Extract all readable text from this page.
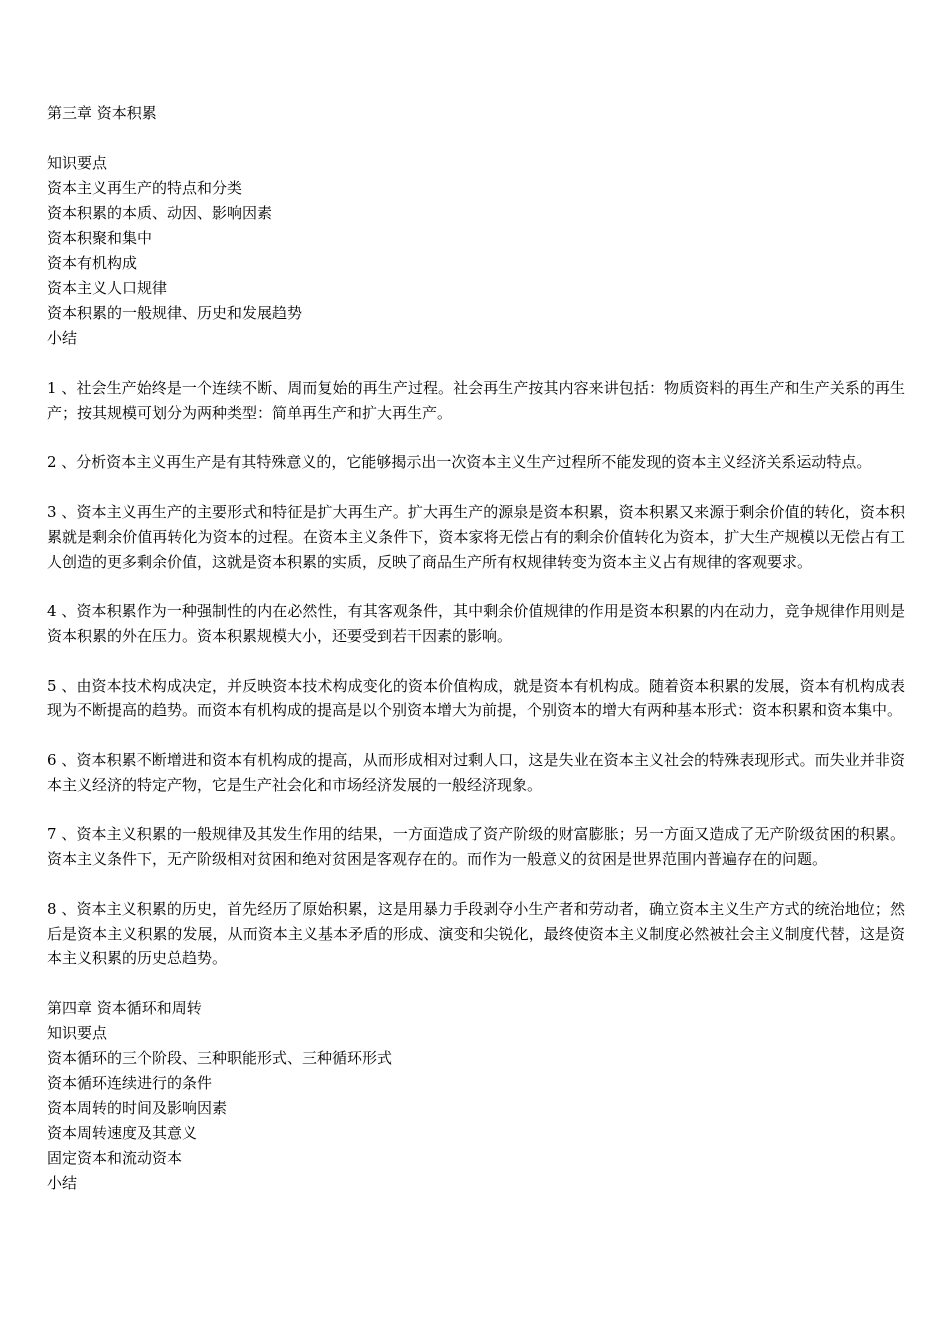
第三章 资本积累
知识要点
资本主义再生产的特点和分类
资本积累的本质、动因、影响因素
资本积聚和集中
资本有机构成
资本主义人口规律
资本积累的一般规律、历史和发展趋势
小结

1 、社会生产始终是一个连续不断、周而复始的再生产过程。社会再生产按其内容来讲包括：物质资料的再生产和生产关系的再生产；按其规模可划分为两种类型：简单再生产和扩大再生产。

2 、分析资本主义再生产是有其特殊意义的，它能够揭示出一次资本主义生产过程所不能发现的资本主义经济关系运动特点。

3 、资本主义再生产的主要形式和特征是扩大再生产。扩大再生产的源泉是资本积累，资本积累又来源于剩余价值的转化，资本积累就是剩余价值再转化为资本的过程。在资本主义条件下，资本家将无偿占有的剩余价值转化为资本，扩大生产规模以无偿占有工人创造的更多剩余价值，这就是资本积累的实质，反映了商品生产所有权规律转变为资本主义占有规律的客观要求。

4 、资本积累作为一种强制性的内在必然性，有其客观条件，其中剩余价值规律的作用是资本积累的内在动力，竞争规律作用则是资本积累的外在压力。资本积累规模大小，还要受到若干因素的影响。

5 、由资本技术构成决定，并反映资本技术构成变化的资本价值构成，就是资本有机构成。随着资本积累的发展，资本有机构成表现为不断提高的趋势。而资本有机构成的提高是以个别资本增大为前提，个别资本的增大有两种基本形式：资本积累和资本集中。

6 、资本积累不断增进和资本有机构成的提高，从而形成相对过剩人口，这是失业在资本主义社会的特殊表现形式。而失业并非资本主义经济的特定产物，它是生产社会化和市场经济发展的一般经济现象。

7 、资本主义积累的一般规律及其发生作用的结果，一方面造成了资产阶级的财富膨胀；另一方面又造成了无产阶级贫困的积累。资本主义条件下，无产阶级相对贫困和绝对贫困是客观存在的。而作为一般意义的贫困是世界范围内普遍存在的问题。

8 、资本主义积累的历史，首先经历了原始积累，这是用暴力手段剥夺小生产者和劳动者，确立资本主义生产方式的统治地位；然后是资本主义积累的发展，从而资本主义基本矛盾的形成、演变和尖锐化，最终使资本主义制度必然被社会主义制度代替，这是资本主义积累的历史总趋势。

第四章 资本循环和周转
知识要点
资本循环的三个阶段、三种职能形式、三种循环形式
资本循环连续进行的条件
资本周转的时间及影响因素
资本周转速度及其意义
固定资本和流动资本
小结
